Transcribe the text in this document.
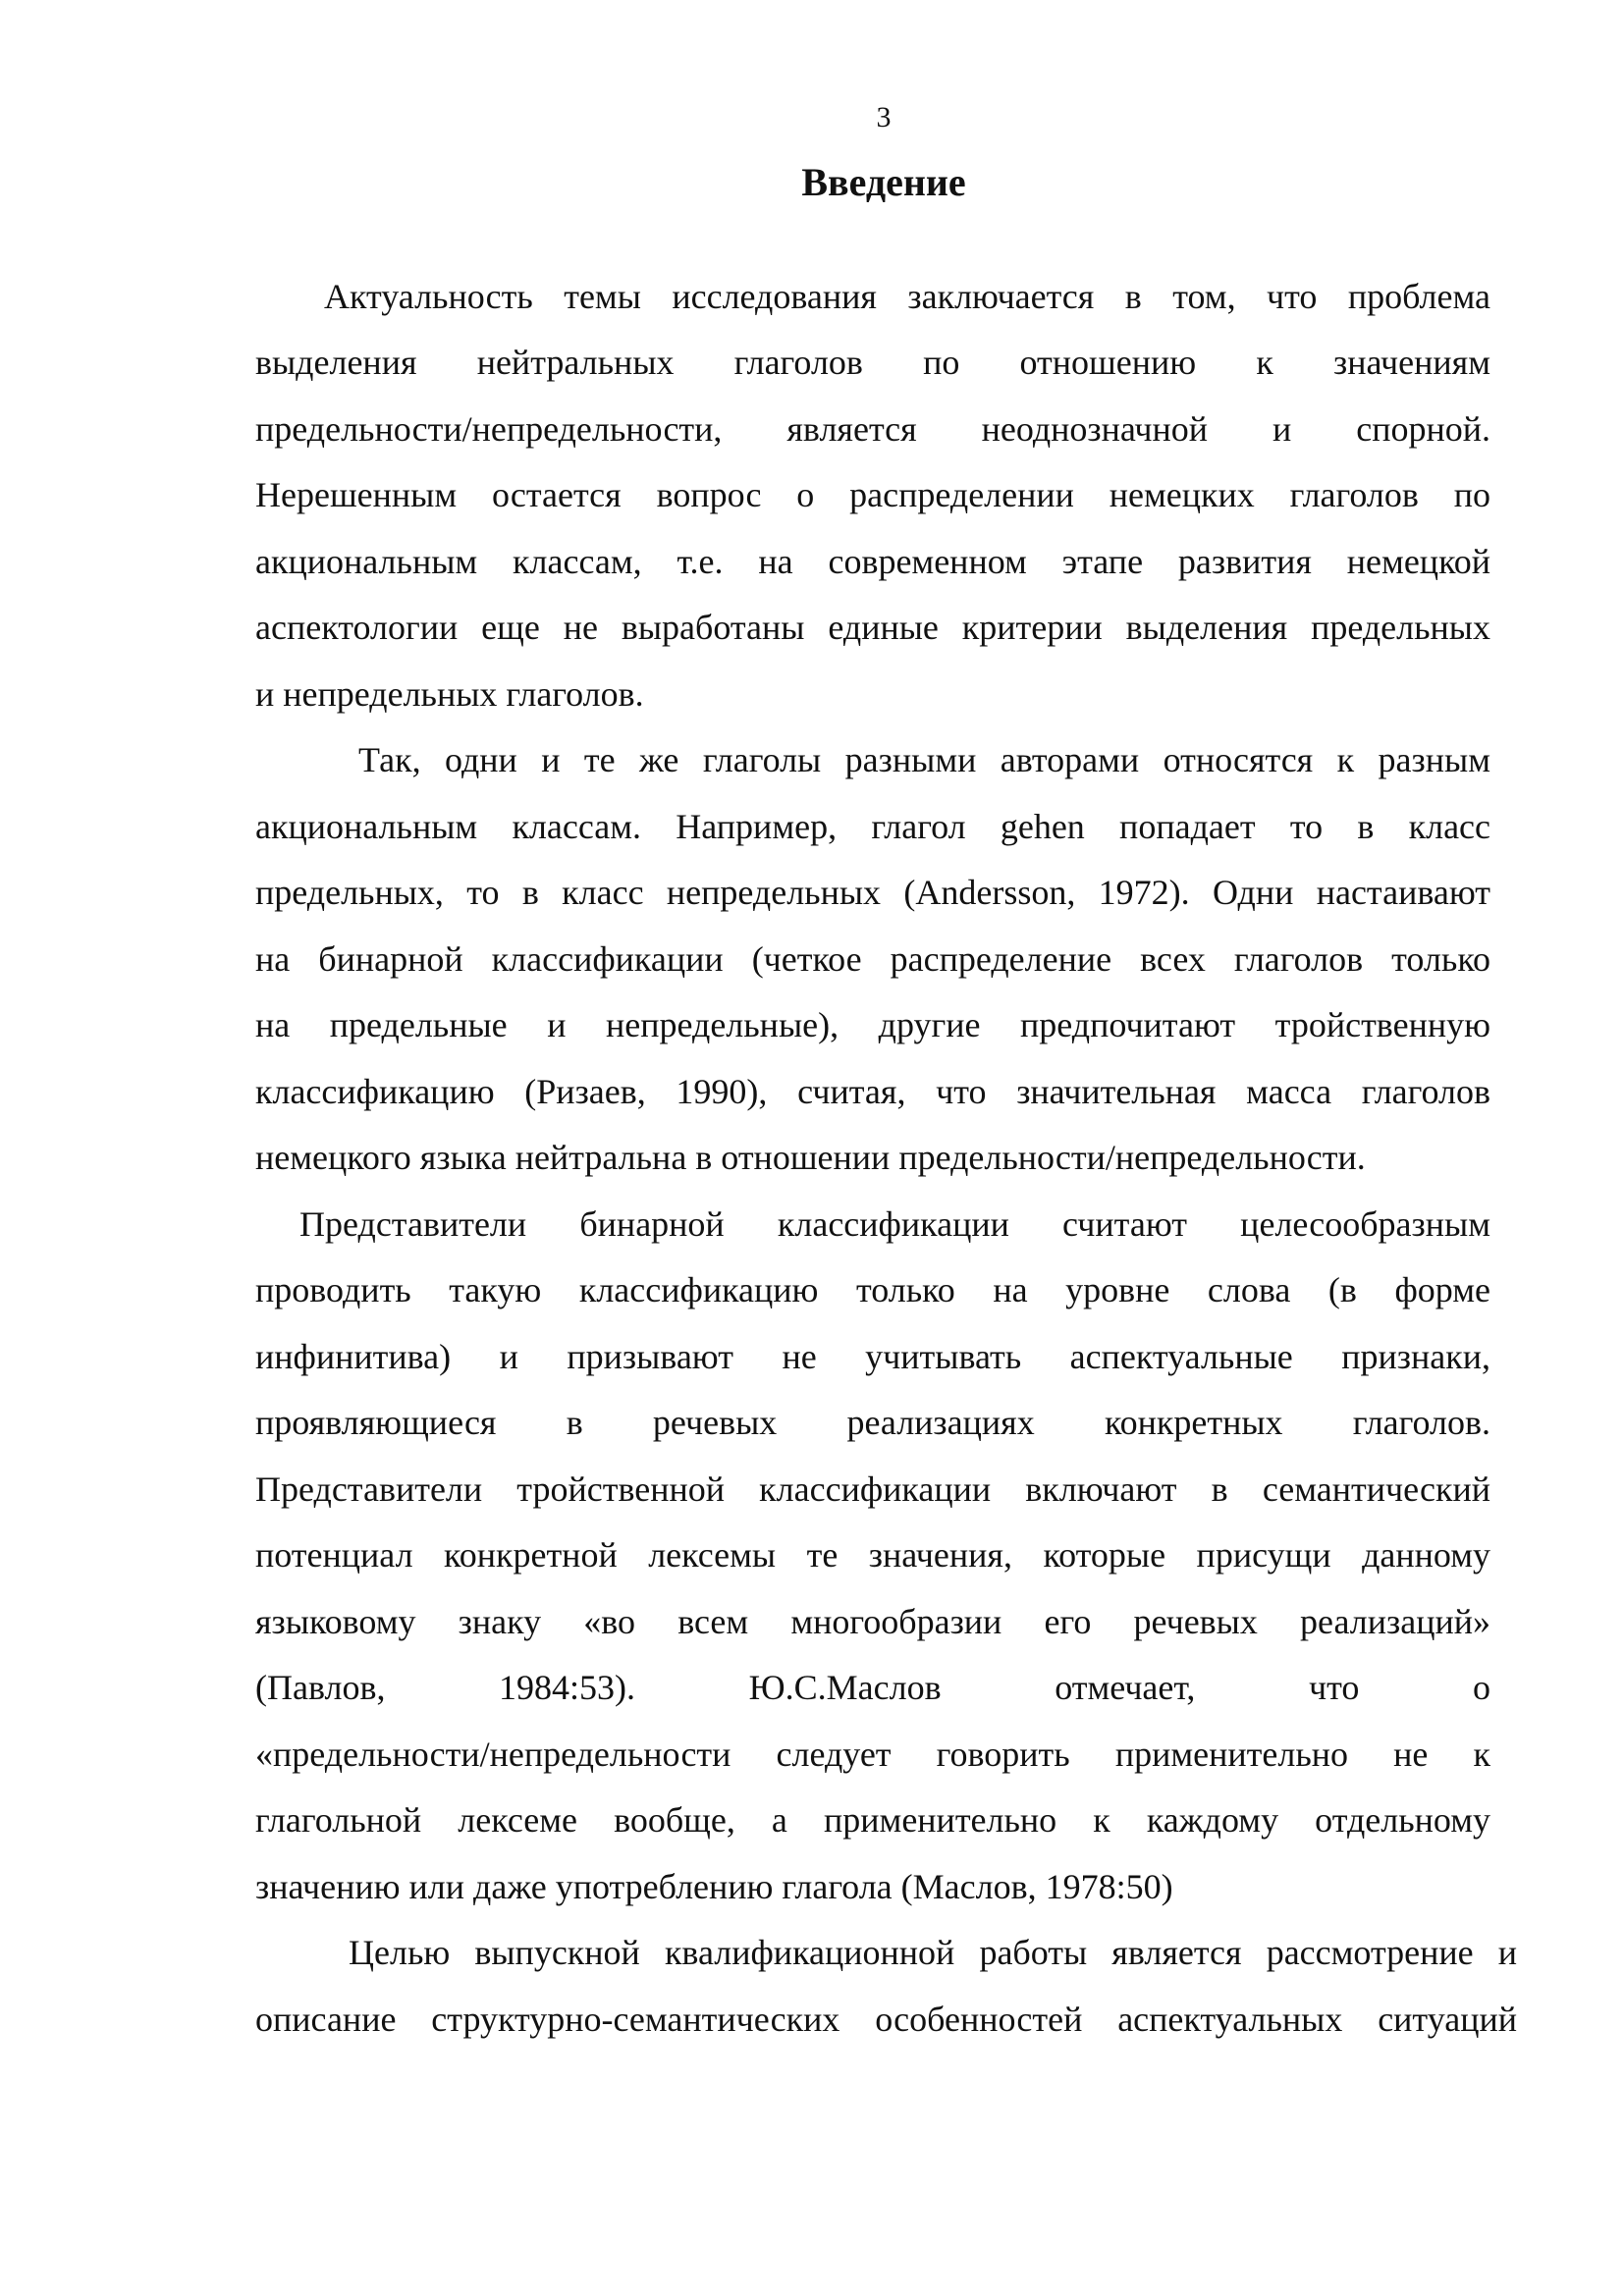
3
Введение
Актуальность темы исследования заключается в том, что проблема
выделения нейтральных глаголов по отношению к значениям
предельности/непредельности, является неоднозначной и спорной.
Нерешенным остается вопрос о распределении немецких глаголов по
акциональным классам, т.е. на современном этапе развития немецкой
аспектологии еще не выработаны единые критерии выделения предельных
и непредельных глаголов.
Так, одни и те же глаголы разными авторами относятся к разным
акциональным классам. Например, глагол gehen попадает то в класс
предельных, то в класс непредельных (Andersson, 1972). Одни настаивают
на бинарной классификации (четкое распределение всех глаголов только
на предельные и непредельные), другие предпочитают тройственную
классификацию (Ризаев, 1990), считая, что значительная масса глаголов
немецкого языка нейтральна в отношении предельности/непредельности.
Представители бинарной классификации считают целесообразным
проводить такую классификацию только на уровне слова (в форме
инфинитива) и призывают не учитывать аспектуальные признаки,
проявляющиеся в речевых реализациях конкретных глаголов.
Представители тройственной классификации включают в семантический
потенциал конкретной лексемы те значения, которые присущи данному
языковому знаку «во всем многообразии его речевых реализаций»
(Павлов, 1984:53). Ю.С.Маслов отмечает, что о
«предельности/непредельности следует говорить применительно не к
глагольной лексеме вообще, а применительно к каждому отдельному
значению или даже употреблению глагола (Маслов, 1978:50)
Целью выпускной квалификационной работы является рассмотрение и
описание структурно-семантических особенностей аспектуальных ситуаций
